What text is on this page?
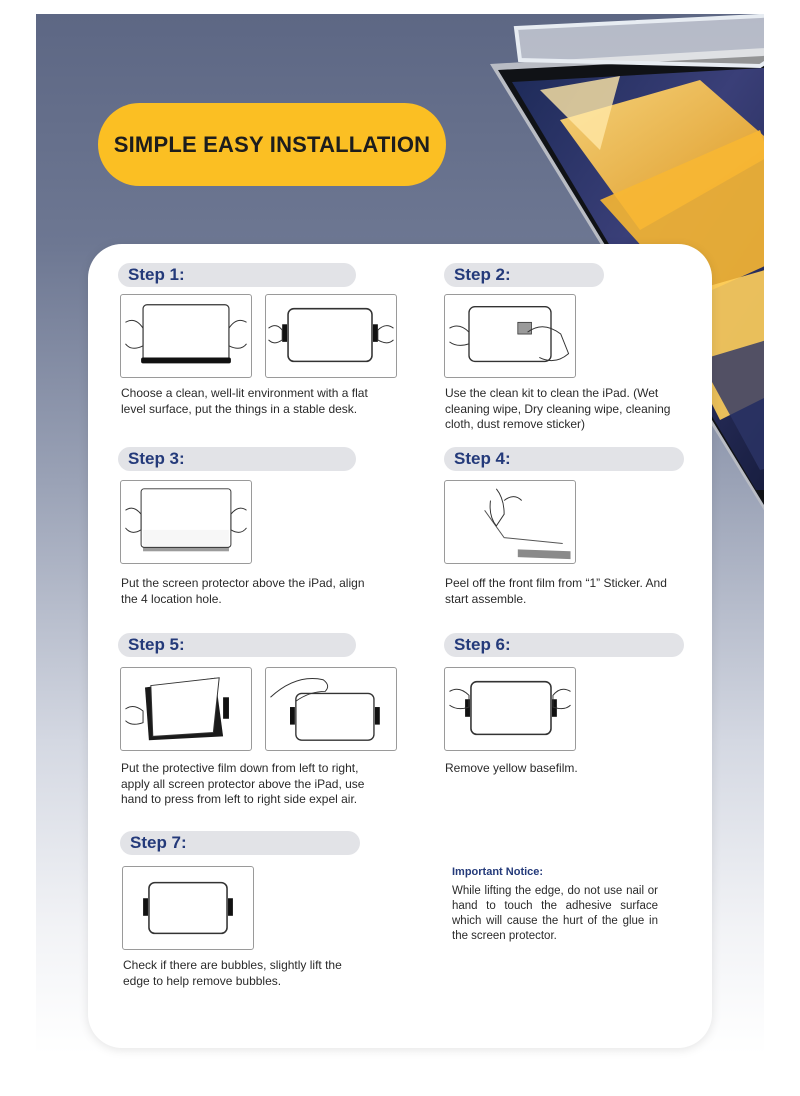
SIMPLE EASY INSTALLATION
Step 1:

Choose a clean, well-lit environment with a flat level surface, put the things in a stable desk.

Step 2:

Use the clean kit to clean the iPad. (Wet cleaning wipe, Dry cleaning wipe, cleaning cloth, dust remove sticker)

Step 3:

Put the screen protector above the iPad, align the 4 location hole.

Step 4:

Peel off the front film from “1” Sticker. And start assemble.

Step 5:

Put the protective film down from left to right, apply all screen protector above the iPad, use hand to press from left to right side expel air.

Step 6:

Remove yellow basefilm.

Step 7:

Check if there are bubbles, slightly lift the edge to help remove bubbles.

Important Notice:

While lifting the edge, do not use nail or hand to touch the adhesive surface which will cause the hurt of the glue in the screen protector.
